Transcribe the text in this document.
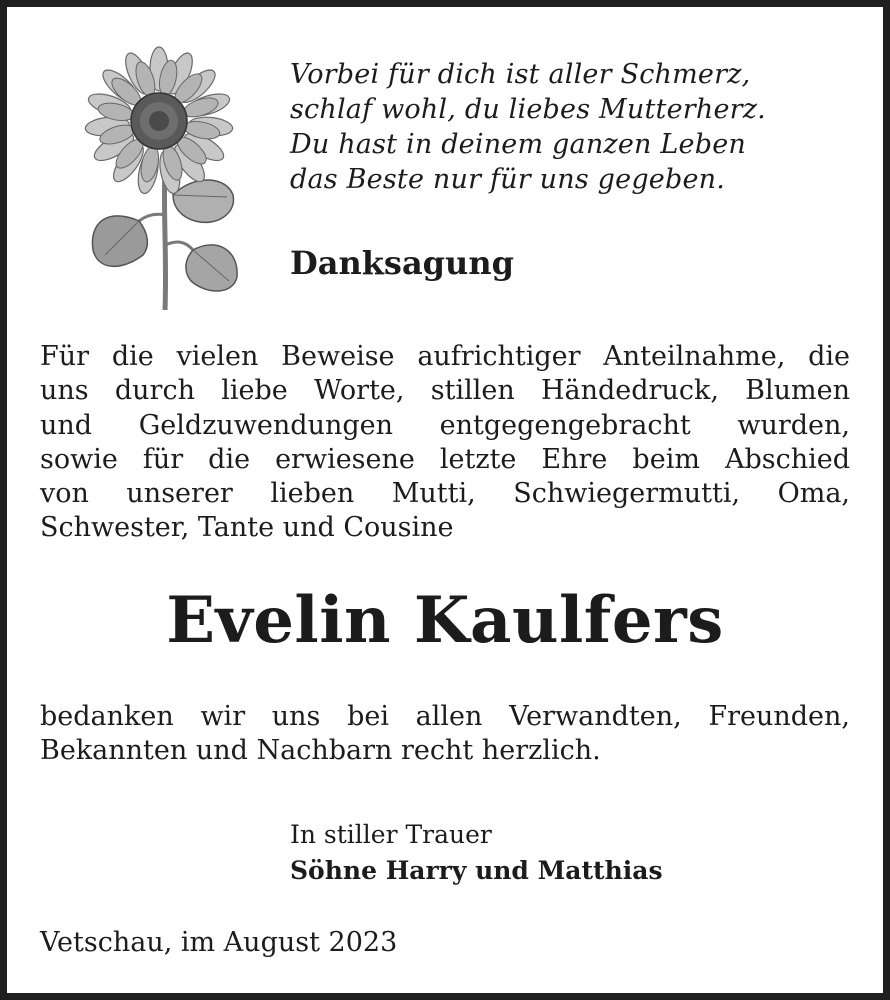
Vorbei für dich ist aller Schmerz,
schlaf wohl, du liebes Mutterherz.
Du hast in deinem ganzen Leben
das Beste nur für uns gegeben.
Danksagung
Für die vielen Beweise aufrichtiger Anteilnahme, die
uns durch liebe Worte, stillen Händedruck, Blumen
und Geldzuwendungen entgegengebracht wurden,
sowie für die erwiesene letzte Ehre beim Abschied
von unserer lieben Mutti, Schwiegermutti, Oma,
Schwester, Tante und Cousine
Evelin Kaulfers
bedanken wir uns bei allen Verwandten, Freunden,
Bekannten und Nachbarn recht herzlich.
In stiller Trauer
Söhne Harry und Matthias
Vetschau, im August 2023
